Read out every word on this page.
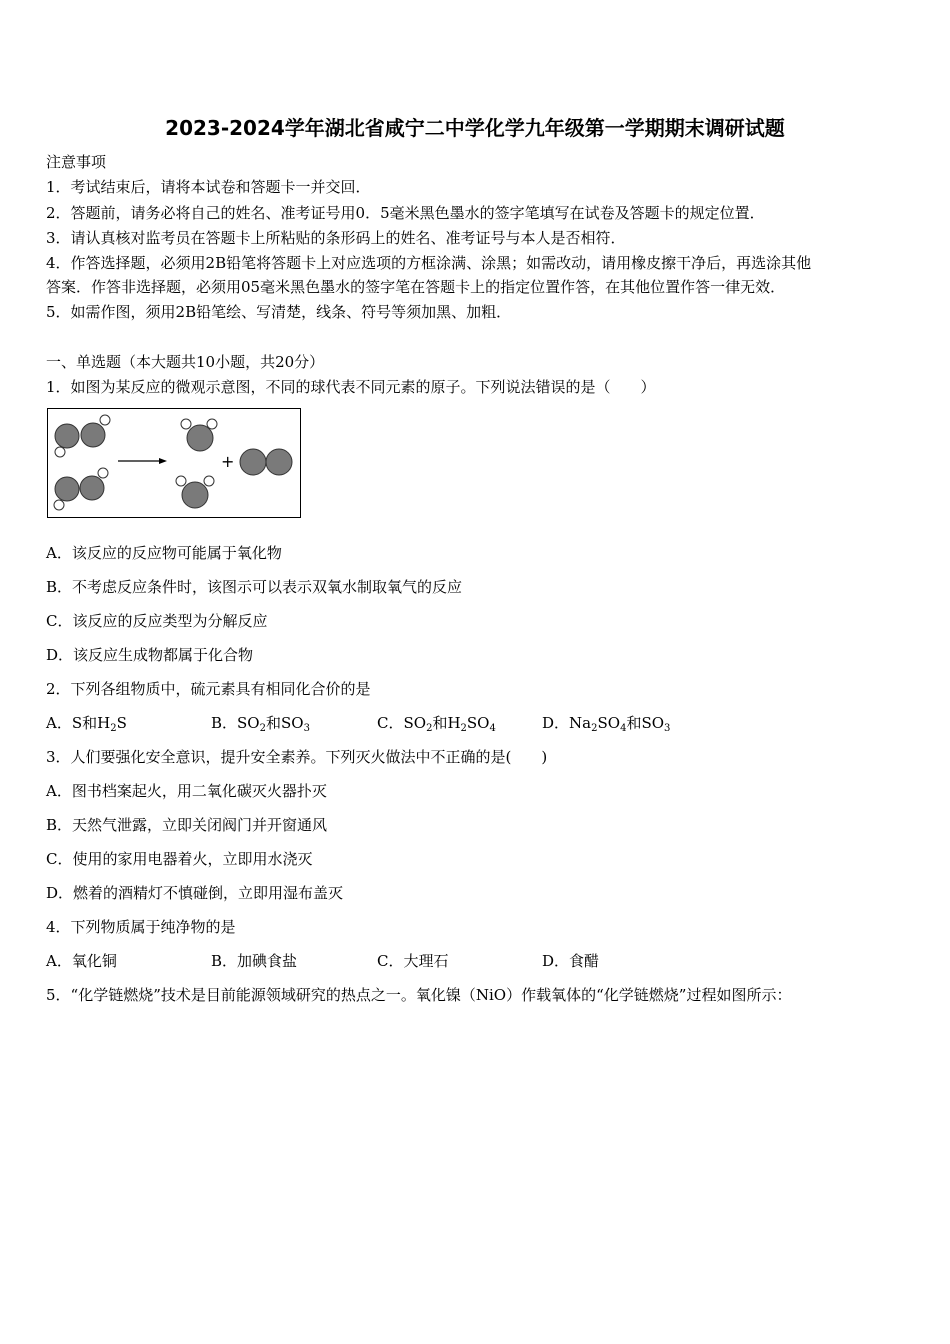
2023-2024学年湖北省咸宁二中学化学九年级第一学期期末调研试题
注意事项
1．考试结束后，请将本试卷和答题卡一并交回．
2．答题前，请务必将自己的姓名、准考证号用0．5毫米黑色墨水的签字笔填写在试卷及答题卡的规定位置．
3．请认真核对监考员在答题卡上所粘贴的条形码上的姓名、准考证号与本人是否相符．
4．作答选择题，必须用2B铅笔将答题卡上对应选项的方框涂满、涂黑；如需改动，请用橡皮擦干净后，再选涂其他
答案．作答非选择题，必须用05毫米黑色墨水的签字笔在答题卡上的指定位置作答，在其他位置作答一律无效．
5．如需作图，须用2B铅笔绘、写清楚，线条、符号等须加黑、加粗．
一、单选题（本大题共10小题，共20分）
1．如图为某反应的微观示意图，不同的球代表不同元素的原子。下列说法错误的是（　　）
+
A．该反应的反应物可能属于氧化物
B．不考虑反应条件时，该图示可以表示双氧水制取氧气的反应
C．该反应的反应类型为分解反应
D．该反应生成物都属于化合物
2．下列各组物质中，硫元素具有相同化合价的是
A．S和$H_2S$	B．$SO_2$和$SO_3$	C．$SO_2$和$H_2SO_4$	D．$Na_2SO_4$和$SO_3$
3．人们要强化安全意识，提升安全素养。下列灭火做法中不正确的是(　　)
A．图书档案起火，用二氧化碳灭火器扑灭
B．天然气泄露，立即关闭阀门并开窗通风
C．使用的家用电器着火，立即用水浇灭
D．燃着的酒精灯不慎碰倒，立即用湿布盖灭
4．下列物质属于纯净物的是
A．氧化铜	B．加碘食盐	C．大理石	D．食醋
5．“化学链燃烧”技术是目前能源领域研究的热点之一。氧化镍（NiO）作载氧体的“化学链燃烧”过程如图所示：
